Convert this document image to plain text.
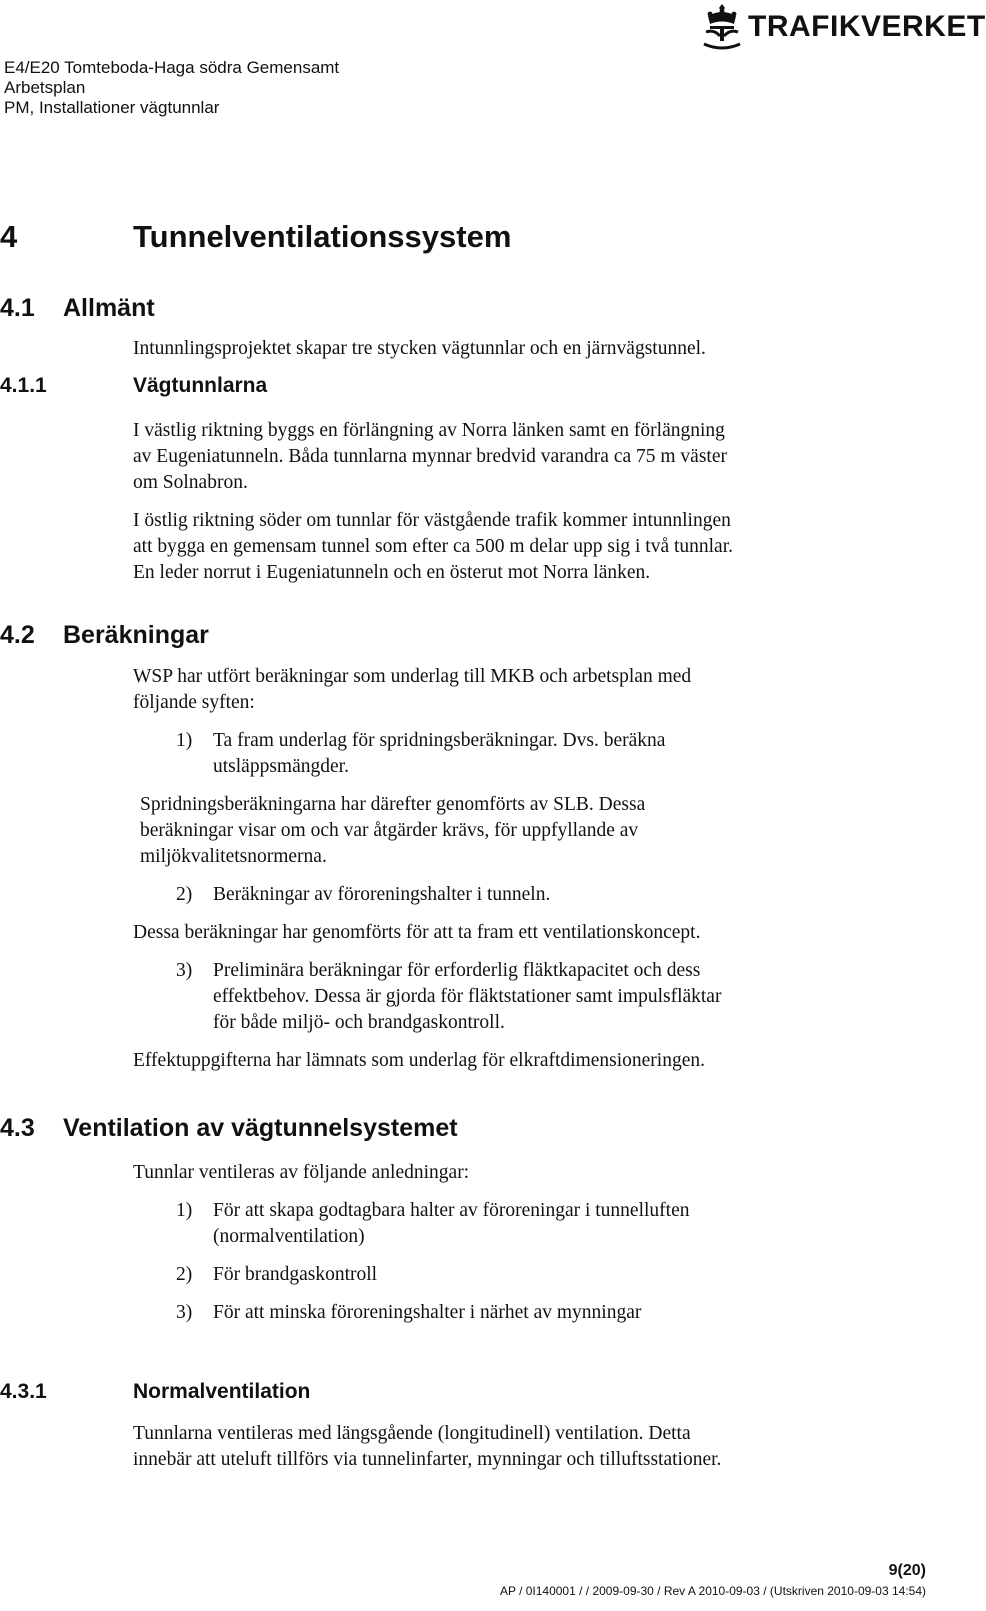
E4/E20 Tomteboda-Haga södra Gemensamt
Arbetsplan
PM, Installationer vägtunnlar
TRAFIKVERKET
4	Tunnelventilationssystem
4.1 Allmänt
Intunnlingsprojektet skapar tre stycken vägtunnlar och en järnvägstunnel.
4.1.1	Vägtunnlarna
I västlig riktning byggs en förlängning av Norra länken samt en förlängning
av Eugeniatunneln. Båda tunnlarna mynnar bredvid varandra ca 75 m väster
om Solnabron.
I östlig riktning söder om tunnlar för västgående trafik kommer intunnlingen
att bygga en gemensam tunnel som efter ca 500 m delar upp sig i två tunnlar.
En leder norrut i Eugeniatunneln och en österut mot Norra länken.
4.2 Beräkningar
WSP har utfört beräkningar som underlag till MKB och arbetsplan med
följande syften:
1) Ta fram underlag för spridningsberäkningar. Dvs. beräkna
utsläppsmängder.
Spridningsberäkningarna har därefter genomförts av SLB. Dessa
beräkningar visar om och var åtgärder krävs, för uppfyllande av
miljökvalitetsnormerna.
2) Beräkningar av föroreningshalter i tunneln.
Dessa beräkningar har genomförts för att ta fram ett ventilationskoncept.
3) Preliminära beräkningar för erforderlig fläktkapacitet och dess
effektbehov. Dessa är gjorda för fläktstationer samt impulsfläktar
för både miljö- och brandgaskontroll.
Effektuppgifterna har lämnats som underlag för elkraftdimensioneringen.
4.3 Ventilation av vägtunnelsystemet
Tunnlar ventileras av följande anledningar:
1) För att skapa godtagbara halter av föroreningar i tunnelluften
(normalventilation)
2) För brandgaskontroll
3) För att minska föroreningshalter i närhet av mynningar
4.3.1	Normalventilation
Tunnlarna ventileras med längsgående (longitudinell) ventilation. Detta
innebär att uteluft tillförs via tunnelinfarter, mynningar och tilluftsstationer.
9(20)
AP / 0I140001 / / 2009-09-30 / Rev A 2010-09-03 / (Utskriven 2010-09-03 14:54)
